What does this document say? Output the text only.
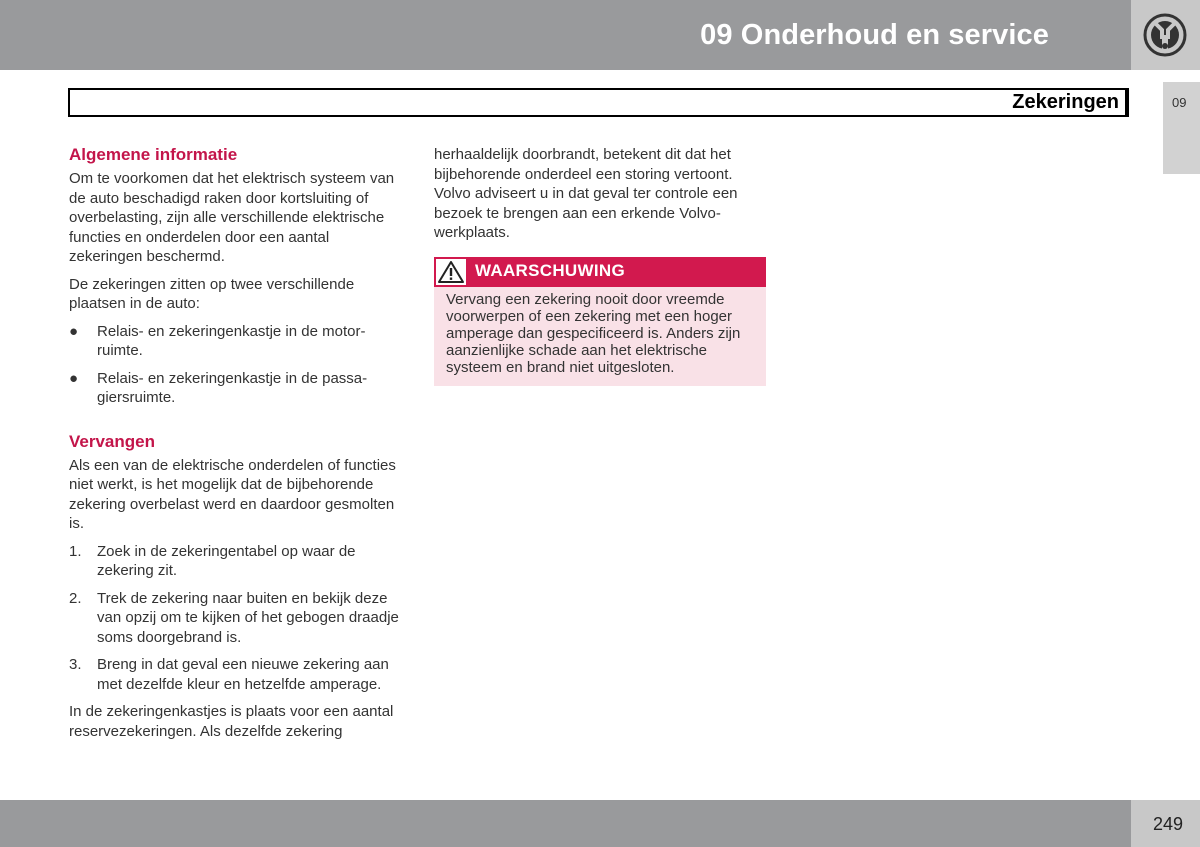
09 Onderhoud en service
09
Zekeringen
Algemene informatie

Om te voorkomen dat het elektrisch systeem van de auto beschadigd raken door kortsluiting of overbelasting, zijn alle verschillende elektrische functies en onderdelen door een aantal zekeringen beschermd.

De zekeringen zitten op twee verschillende plaatsen in de auto:

● Relais- en zekeringenkastje in de motorruimte.
● Relais- en zekeringenkastje in de passagiersruimte.
Vervangen

Als een van de elektrische onderdelen of functies niet werkt, is het mogelijk dat de bijbehorende zekering overbelast werd en daardoor gesmolten is.

1. Zoek in de zekeringentabel op waar de zekering zit.
2. Trek de zekering naar buiten en bekijk deze van opzij om te kijken of het gebogen draadje soms doorgebrand is.
3. Breng in dat geval een nieuwe zekering aan met dezelfde kleur en hetzelfde amperage.

In de zekeringenkastjes is plaats voor een aantal reservezekeringen. Als dezelfde zekering

herhaaldelijk doorbrandt, betekent dit dat het bijbehorende onderdeel een storing vertoont. Volvo adviseert u in dat geval ter controle een bezoek te brengen aan een erkende Volvowerkplaats.

WAARSCHUWING
Vervang een zekering nooit door vreemde voorwerpen of een zekering met een hoger amperage dan gespecificeerd is. Anders zijn aanzienlijke schade aan het elektrische systeem en brand niet uitgesloten.
249
